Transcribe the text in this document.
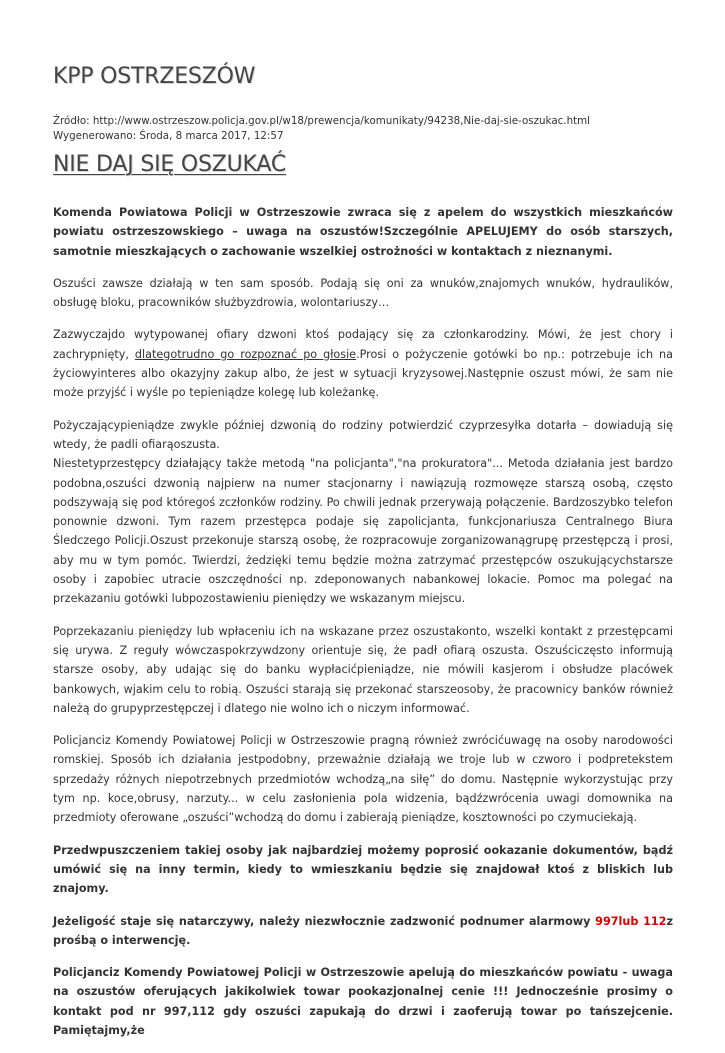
KPP OSTRZESZÓW
Źródło: http://www.ostrzeszow.policja.gov.pl/w18/prewencja/komunikaty/94238,Nie-daj-sie-oszukac.html
Wygenerowano: Środa, 8 marca 2017, 12:57
NIE DAJ SIĘ OSZUKAĆ

Komenda Powiatowa Policji w Ostrzeszowie zwraca się z apelem do wszystkich mieszkańców powiatu ostrzeszowskiego – uwaga na oszustów!Szczególnie APELUJEMY do osób starszych, samotnie mieszkających o zachowanie wszelkiej ostrożności w kontaktach z nieznanymi.

Oszuści zawsze działają w ten sam sposób. Podają się oni za wnuków,znajomych wnuków, hydraulików, obsługę bloku, pracowników służbyzdrowia, wolontariuszy…

Zazwyczajdo wytypowanej ofiary dzwoni ktoś podający się za członkarodziny. Mówi, że jest chory i zachrypnięty, dlategotrudno go rozpoznać po głosie.Prosi o pożyczenie gotówki bo np.: potrzebuje ich na życiowyinteres albo okazyjny zakup albo, że jest w sytuacji kryzysowej.Następnie oszust mówi, że sam nie może przyjść i wyśle po tepieniądze kolegę lub koleżankę.

Pożyczającypieniądze zwykle później dzwonią do rodziny potwierdzić czyprzesyłka dotarła – dowiadują się wtedy, że padli ofiarąoszusta.
Niestetyprzestępcy działający także metodą "na policjanta","na prokuratora"... Metoda działania jest bardzo podobna,oszuści dzwonią najpierw na numer stacjonarny i nawiązują rozmowęze starszą osobą, często podszywają się pod któregoś zczłonków rodziny. Po chwili jednak przerywają połączenie. Bardzoszybko telefon ponownie dzwoni. Tym razem przestępca podaje się zapolicjanta, funkcjonariusza Centralnego Biura Śledczego Policji.Oszust przekonuje starszą osobę, że rozpracowuje zorganizowanągrupę przestępczą i prosi, aby mu w tym pomóc. Twierdzi, żedzięki temu będzie można zatrzymać przestępców oszukującychstarsze osoby i zapobiec utracie oszczędności np. zdeponowanych nabankowej lokacie. Pomoc ma polegać na przekazaniu gotówki lubpozostawieniu pieniędzy we wskazanym miejscu.

Poprzekazaniu pieniędzy lub wpłaceniu ich na wskazane przez oszustakonto, wszelki kontakt z przestępcami się urywa. Z reguły wówczaspokrzywdzony orientuje się, że padł ofiarą oszusta. Oszuściczęsto informują starsze osoby, aby udając się do banku wypłacićpieniądze, nie mówili kasjerom i obsłudze placówek bankowych, wjakim celu to robią. Oszuści starają się przekonać starszeosoby, że pracownicy banków również należą do grupyprzestępczej i dlatego nie wolno ich o niczym informować.

Policjanciz Komendy Powiatowej Policji w Ostrzeszowie pragną również zwrócićuwagę na osoby narodowości romskiej. Sposób ich działania jestpodobny, przeważnie działają we troje lub w czworo i podpretekstem sprzedaży różnych niepotrzebnych przedmiotów wchodzą„na siłę” do domu. Następnie wykorzystując przy tym np. koce,obrusy, narzuty... w celu zasłonienia pola widzenia, bądźzwrócenia uwagi domownika na przedmioty oferowane „oszuści”wchodzą do domu i zabierają pieniądze, kosztowności po czymuciekają.

Przedwpuszczeniem takiej osoby jak najbardziej możemy poprosić ookazanie dokumentów, bądź umówić się na inny termin, kiedy to wmieszkaniu będzie się znajdował ktoś z bliskich lub znajomy.

Jeżeligość staje się natarczywy, należy niezwłocznie zadzwonić podnumer alarmowy 997lub 112z prośbą o interwencję.

Policjanciz Komendy Powiatowej Policji w Ostrzeszowie apelują do mieszkańców powiatu - uwaga na oszustów oferujących jakikolwiek towar pookazjonalnej cenie !!! Jednocześnie prosimy o kontakt pod nr 997,112 gdy oszuści zapukają do drzwi i zaoferują towar po tańszejcenie. Pamiętajmy,że
